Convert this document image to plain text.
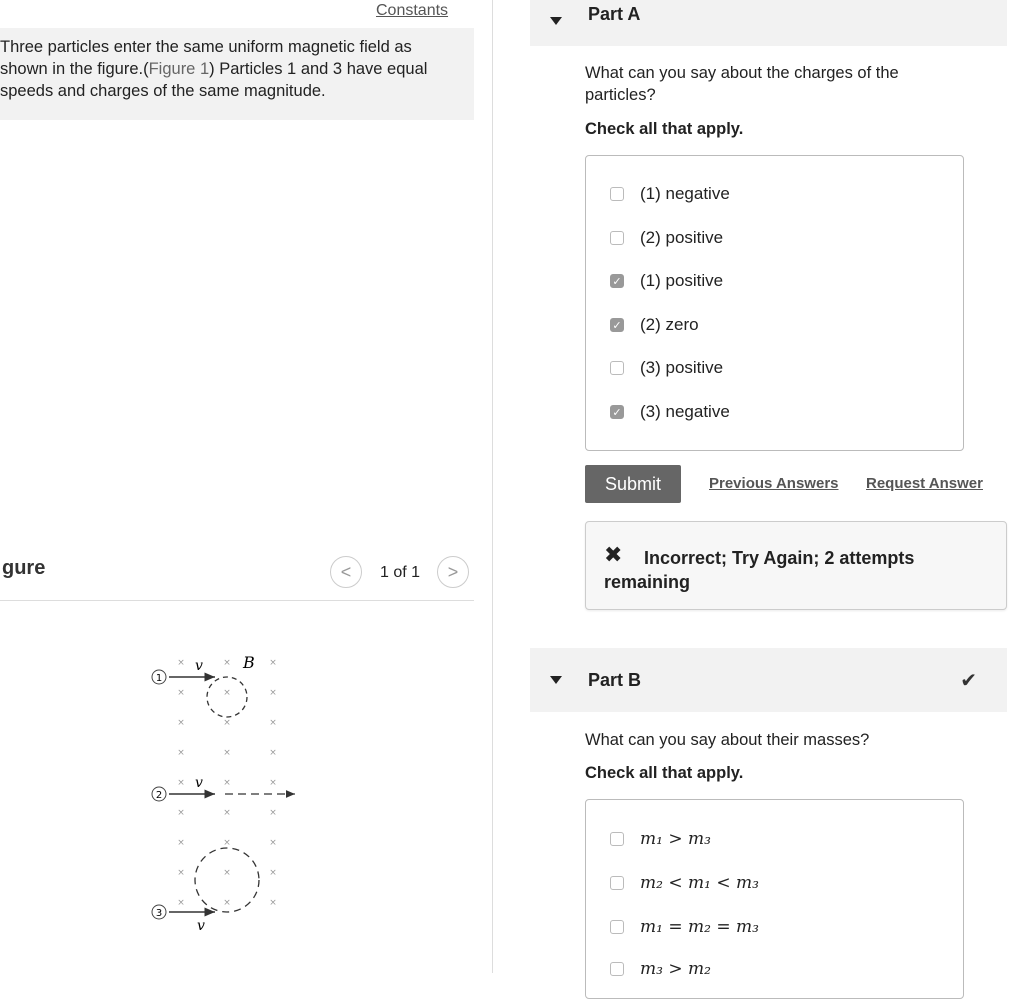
Constants

Three particles enter the same uniform magnetic field as shown in the figure.(Figure 1) Particles 1 and 3 have equal speeds and charges of the same magnitude.

gure	< 1 of 1 >
×	×	×
×	×	×
×	×	×
×	×	×
×	×	×
×	×	×
×	×	×
×	×	×
×	×	×
1
v	B
2
v
3
v
Part A
What can you say about the charges of the particles?
Check all that apply.
(1) negative
(2) positive
✓ (1) positive
✓ (2) zero
(3) positive
✓ (3) negative
Submit	Previous Answers Request Answer
✖	Incorrect; Try Again; 2 attempts remaining
Part B	✔
What can you say about their masses?
Check all that apply.
m₁ > m₃
m₂ < m₁ < m₃
m₁ = m₂ = m₃
m₃ > m₂
